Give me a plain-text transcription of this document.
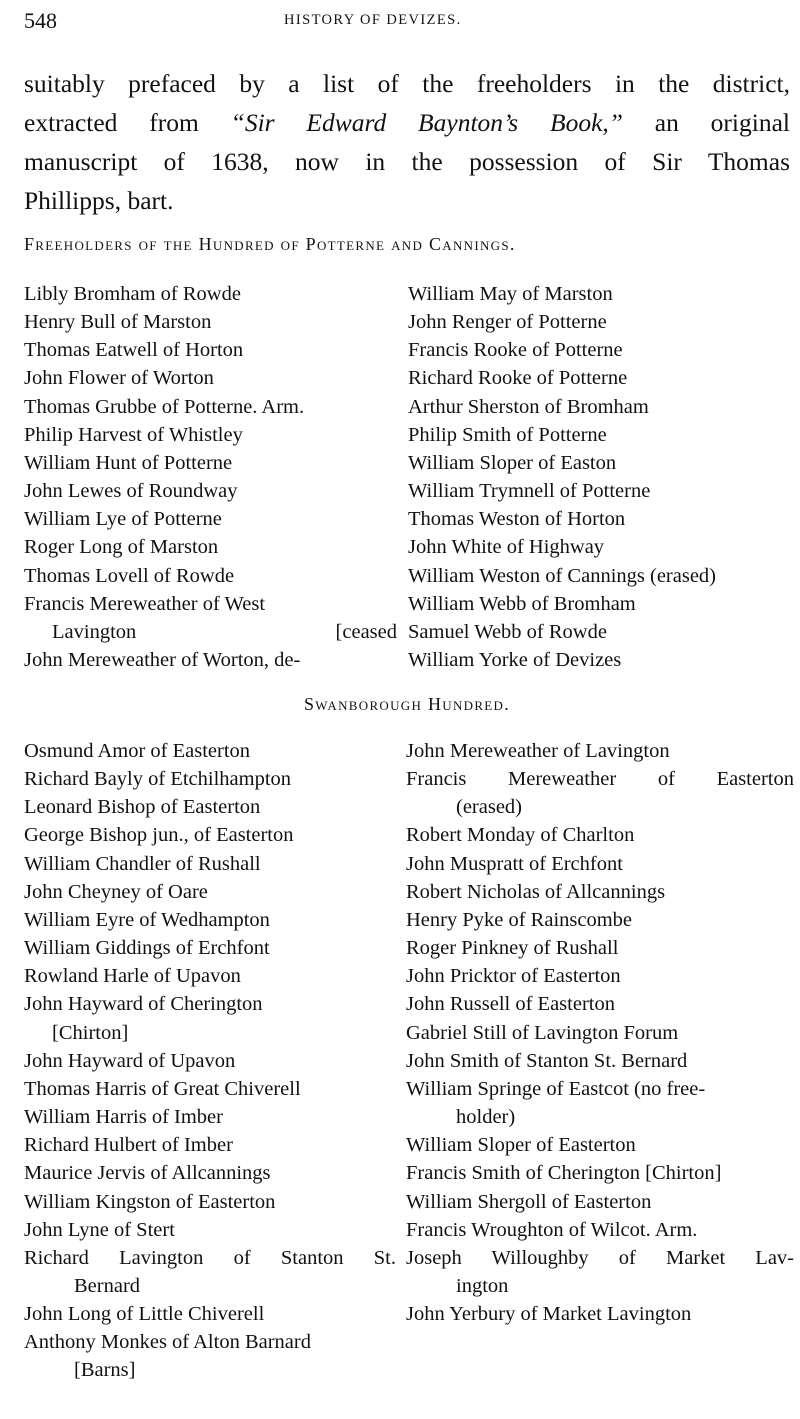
548	HISTORY OF DEVIZES.
suitably prefaced by a list of the freeholders in the district,
extracted from “Sir Edward Baynton’s Book,” an original
manuscript of 1638, now in the possession of Sir Thomas
Phillipps, bart.
Freeholders of the Hundred of Potterne and Cannings.
Libly Bromham of Rowde
Henry Bull of Marston
Thomas Eatwell of Horton
John Flower of Worton
Thomas Grubbe of Potterne. Arm.
Philip Harvest of Whistley
William Hunt of Potterne
John Lewes of Roundway
William Lye of Potterne
Roger Long of Marston
Thomas Lovell of Rowde
Francis Mereweather of West
Lavington	[ceased
John Mereweather of Worton, de-
William May of Marston
John Renger of Potterne
Francis Rooke of Potterne
Richard Rooke of Potterne
Arthur Sherston of Bromham
Philip Smith of Potterne
William Sloper of Easton
William Trymnell of Potterne
Thomas Weston of Horton
John White of Highway
William Weston of Cannings (erased)
William Webb of Bromham
Samuel Webb of Rowde
William Yorke of Devizes
Swanborough Hundred.
Osmund Amor of Easterton
Richard Bayly of Etchilhampton
Leonard Bishop of Easterton
George Bishop jun., of Easterton
William Chandler of Rushall
John Cheyney of Oare
William Eyre of Wedhampton
William Giddings of Erchfont
Rowland Harle of Upavon
John Hayward of Cherington
[Chirton]
John Hayward of Upavon
Thomas Harris of Great Chiverell
William Harris of Imber
Richard Hulbert of Imber
Maurice Jervis of Allcannings
William Kingston of Easterton
John Lyne of Stert
Richard Lavington of Stanton St.
Bernard
John Long of Little Chiverell
Anthony Monkes of Alton Barnard
[Barns]
John Mereweather of Lavington
Francis Mereweather of Easterton
(erased)
Robert Monday of Charlton
John Muspratt of Erchfont
Robert Nicholas of Allcannings
Henry Pyke of Rainscombe
Roger Pinkney of Rushall
John Pricktor of Easterton
John Russell of Easterton
Gabriel Still of Lavington Forum
John Smith of Stanton St. Bernard
William Springe of Eastcot (no free-
holder)
William Sloper of Easterton
Francis Smith of Cherington [Chirton]
William Shergoll of Easterton
Francis Wroughton of Wilcot. Arm.
Joseph Willoughby of Market Lav-
ington
John Yerbury of Market Lavington
